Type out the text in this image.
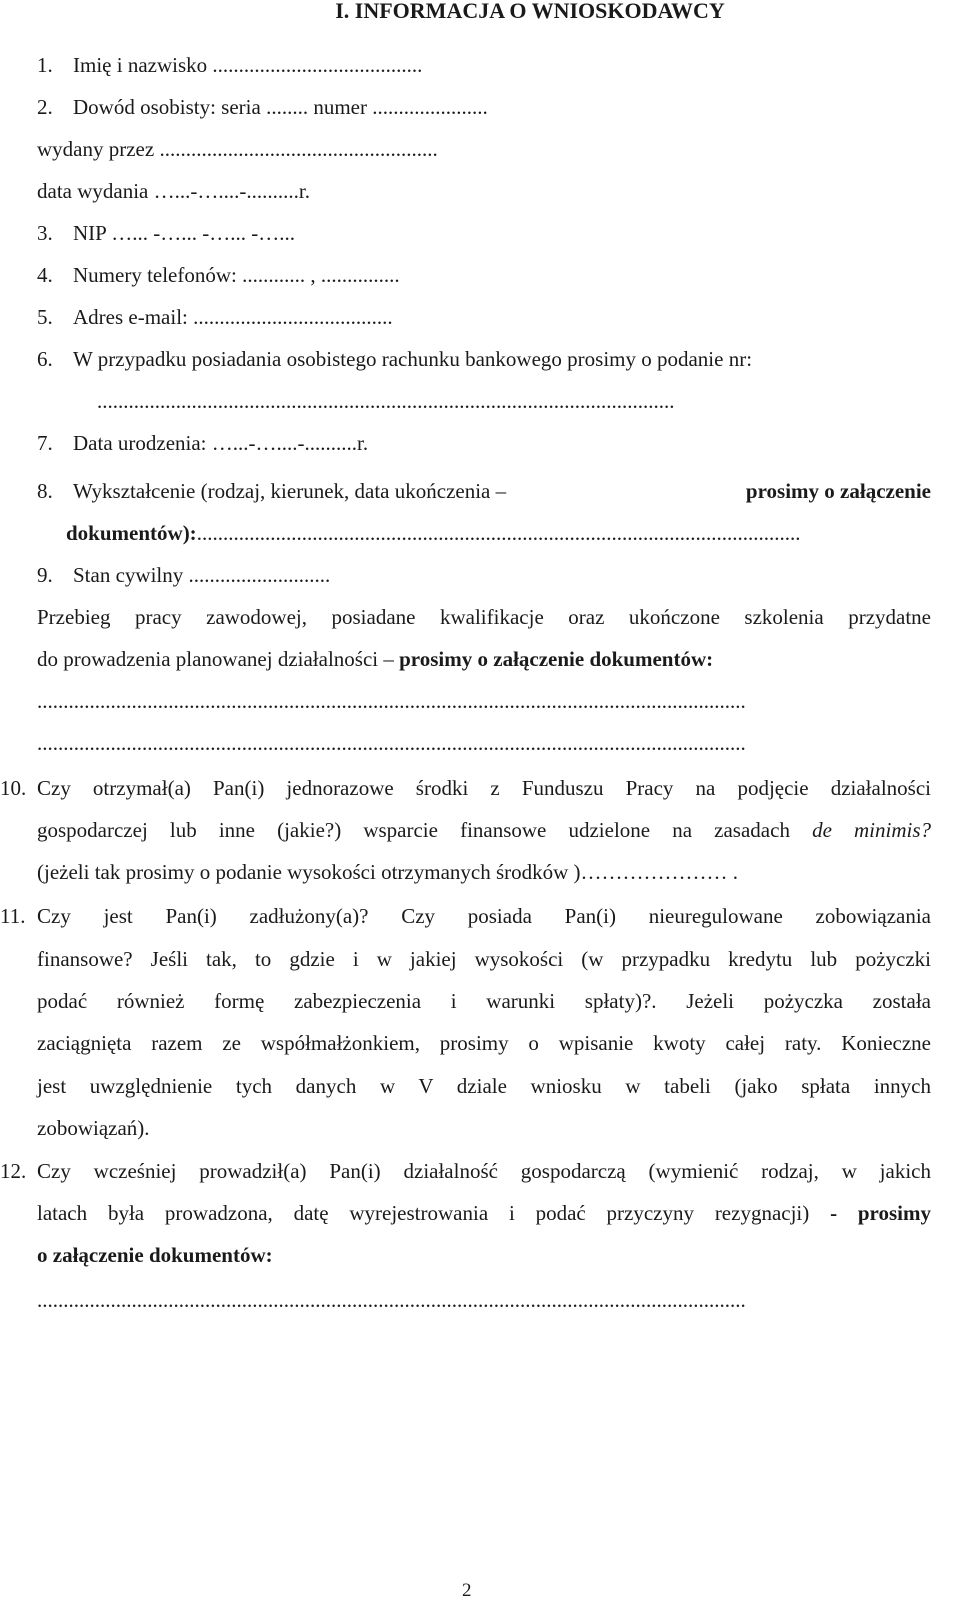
I. INFORMACJA O WNIOSKODAWCY
1. Imię i nazwisko ........................................
2. Dowód osobisty: seria ........ numer ......................
wydany przez .....................................................
data wydania …...-…....-..........r.
3. NIP …... -…... -…... -…...
4. Numery telefonów: ............ , ...............
5. Adres e-mail: ......................................
6. W przypadku posiadania osobistego rachunku bankowego prosimy o podanie nr:
..............................................................................................................
7. Data urodzenia: …...-…....-..........r.
8. Wykształcenie (rodzaj, kierunek, data ukończenia –	prosimy o załączenie
dokumentów):...................................................................................................................
9. Stan cywilny ...........................
Przebieg pracy zawodowej, posiadane kwalifikacje oraz ukończone szkolenia przydatne
do prowadzenia planowanej działalności – prosimy o załączenie dokumentów:
.......................................................................................................................................
.......................................................................................................................................
10. Czy otrzymał(a) Pan(i) jednorazowe środki z Funduszu Pracy na podjęcie działalności
gospodarczej lub inne (jakie?) wsparcie finansowe udzielone na zasadach de minimis?
(jeżeli tak prosimy o podanie wysokości otrzymanych środków )………………… .
11. Czy jest Pan(i) zadłużony(a)? Czy posiada Pan(i) nieuregulowane zobowiązania
finansowe? Jeśli tak, to gdzie i w jakiej wysokości (w przypadku kredytu lub pożyczki
podać również formę zabezpieczenia i warunki spłaty)?. Jeżeli pożyczka została
zaciągnięta razem ze współmałżonkiem, prosimy o wpisanie kwoty całej raty. Konieczne
jest uwzględnienie tych danych w V dziale wniosku w tabeli (jako spłata innych
zobowiązań).
12. Czy wcześniej prowadził(a) Pan(i) działalność gospodarczą (wymienić rodzaj, w jakich
latach była prowadzona, datę wyrejestrowania i podać przyczyny rezygnacji) - prosimy
o załączenie dokumentów:
.......................................................................................................................................
2
